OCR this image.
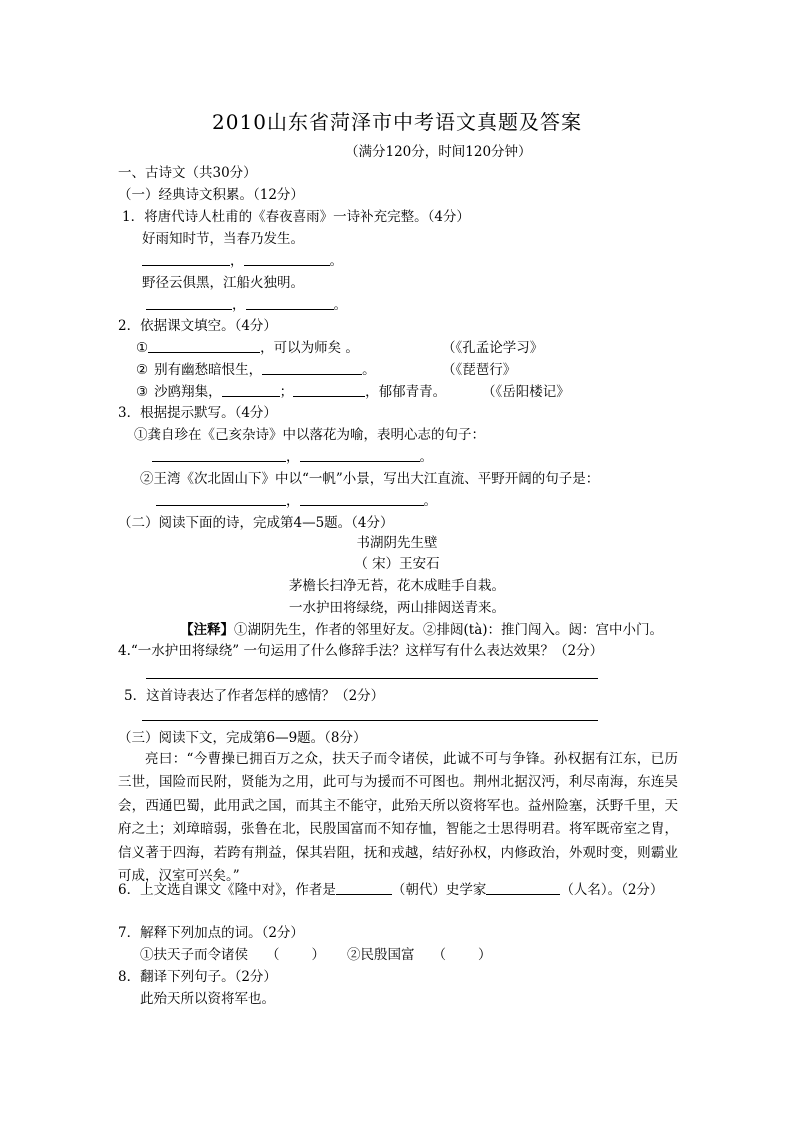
2010山东省菏泽市中考语文真题及答案
（满分120分，时间120分钟）
一、古诗文（共30分）
（一）经典诗文积累。（12分）
1．将唐代诗人杜甫的《春夜喜雨》一诗补充完整。（4分）
好雨知时节，当春乃发生。
，	。
野径云俱黑，江船火独明。
，	。
2．依据课文填空。（4分）
①	，可以为师矣 。	（《孔孟论学习》
② 别有幽愁暗恨生，	。	（《琵琶行》
③ 沙鸥翔集，	；	，郁郁青青。	（《岳阳楼记》
3．根据提示默写。（4分）
①龚自珍在《己亥杂诗》中以落花为喻，表明心志的句子：
，	。
②王湾《次北固山下》中以“一帆”小景，写出大江直流、平野开阔的句子是：
，	。
（二）阅读下面的诗，完成第4—5题。（4分）
书湖阴先生壁
（ 宋）王安石
茅檐长扫净无苔，花木成畦手自栽。
一水护田将绿绕，两山排闼送青来。
【注释】①湖阴先生，作者的邻里好友。②排闼(tà)：推门闯入。闼：宫中小门。
4.“一水护田将绿绕” 一句运用了什么修辞手法？这样写有什么表达效果？（2分）
5．这首诗表达了作者怎样的感情？（2分）
（三）阅读下文，完成第6—9题。（8分）
亮曰：“今曹操已拥百万之众，扶天子而令诸侯，此诚不可与争锋。孙权据有江东，已历三世，国险而民附，贤能为之用，此可与为援而不可图也。荆州北据汉沔，利尽南海，东连吴会，西通巴蜀，此用武之国，而其主不能守，此殆天所以资将军也。益州险塞，沃野千里，天府之土；刘璋暗弱，张鲁在北，民殷国富而不知存恤，智能之士思得明君。将军既帝室之胄，信义著于四海，若跨有荆益，保其岩阻，抚和戎越，结好孙权，内修政治，外观时变，则霸业可成，汉室可兴矣。”
6．上文选自课文《隆中对》，作者是	（朝代）史学家	（人名）。（2分）
7．解释下列加点的词。（2分）
①扶天子而令诸侯 （ ） ②民殷国富 （ ）
8．翻译下列句子。（2分）
此殆天所以资将军也。
